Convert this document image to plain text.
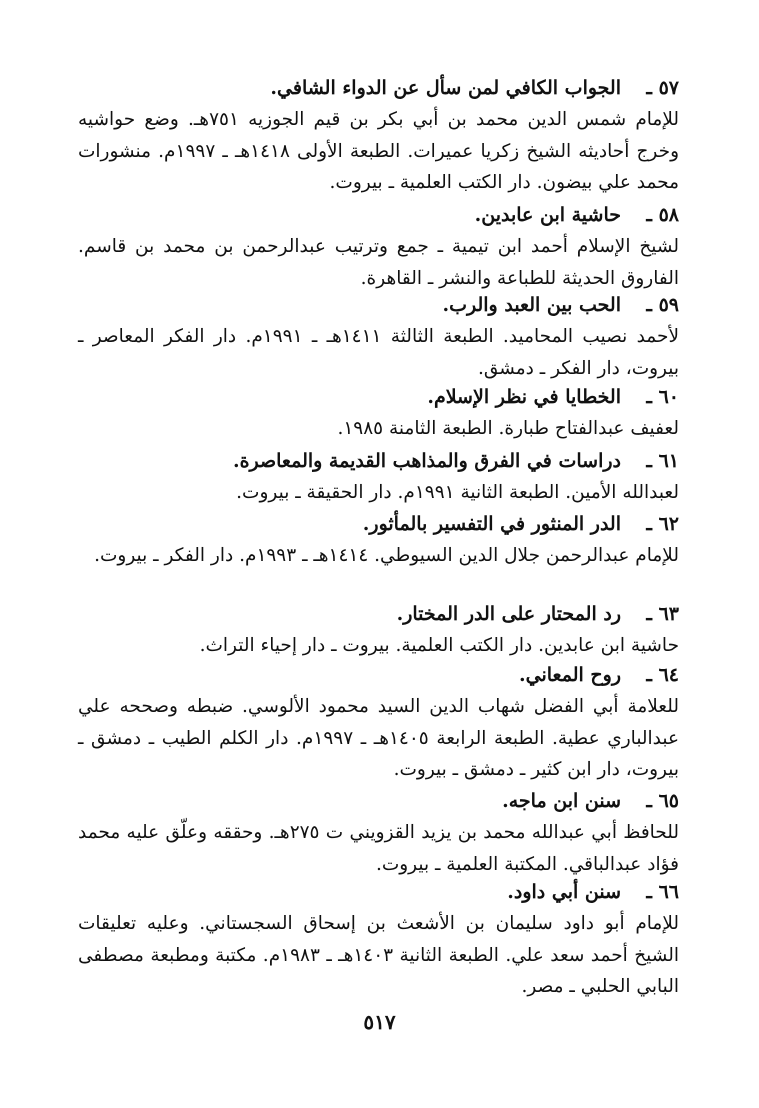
٥٧ ـ
الجواب الكافي لمن سأل عن الدواء الشافي.
للإمام شمس الدين محمد بن أبي بكر بن قيم الجوزيه ٧٥١هـ. وضع حواشيه وخرج أحاديثه الشيخ زكريا عميرات. الطبعة الأولى ١٤١٨هـ ـ ١٩٩٧م. منشورات محمد علي بيضون. دار الكتب العلمية ـ بيروت.
٥٨ ـ
حاشية ابن عابدين.
لشيخ الإسلام أحمد ابن تيمية ـ جمع وترتيب عبدالرحمن بن محمد بن قاسم. الفاروق الحديثة للطباعة والنشر ـ القاهرة.
٥٩ ـ
الحب بين العبد والرب.
لأحمد نصيب المحاميد. الطبعة الثالثة ١٤١١هـ ـ ١٩٩١م. دار الفكر المعاصر ـ بيروت، دار الفكر ـ دمشق.
٦٠ ـ
الخطايا في نظر الإسلام.
لعفيف عبدالفتاح طبارة. الطبعة الثامنة ١٩٨٥.
٦١ ـ
دراسات في الفرق والمذاهب القديمة والمعاصرة.
لعبدالله الأمين. الطبعة الثانية ١٩٩١م. دار الحقيقة ـ بيروت.
٦٢ ـ
الدر المنثور في التفسير بالمأثور.
للإمام عبدالرحمن جلال الدين السيوطي. ١٤١٤هـ ـ ١٩٩٣م. دار الفكر ـ بيروت.
٦٣ ـ
رد المحتار على الدر المختار.
حاشية ابن عابدين. دار الكتب العلمية. بيروت ـ دار إحياء التراث.
٦٤ ـ
روح المعاني.
للعلامة أبي الفضل شهاب الدين السيد محمود الألوسي. ضبطه وصححه علي عبدالباري عطية. الطبعة الرابعة ١٤٠٥هـ ـ ١٩٩٧م. دار الكلم الطيب ـ دمشق ـ بيروت، دار ابن كثير ـ دمشق ـ بيروت.
٦٥ ـ
سنن ابن ماجه.
للحافظ أبي عبدالله محمد بن يزيد القزويني ت ٢٧٥هـ. وحققه وعلّق عليه محمد فؤاد عبدالباقي. المكتبة العلمية ـ بيروت.
٦٦ ـ
سنن أبي داود.
للإمام أبو داود سليمان بن الأشعث بن إسحاق السجستاني. وعليه تعليقات الشيخ أحمد سعد علي. الطبعة الثانية ١٤٠٣هـ ـ ١٩٨٣م. مكتبة ومطبعة مصطفى البابي الحلبي ـ مصر.
٥١٧
